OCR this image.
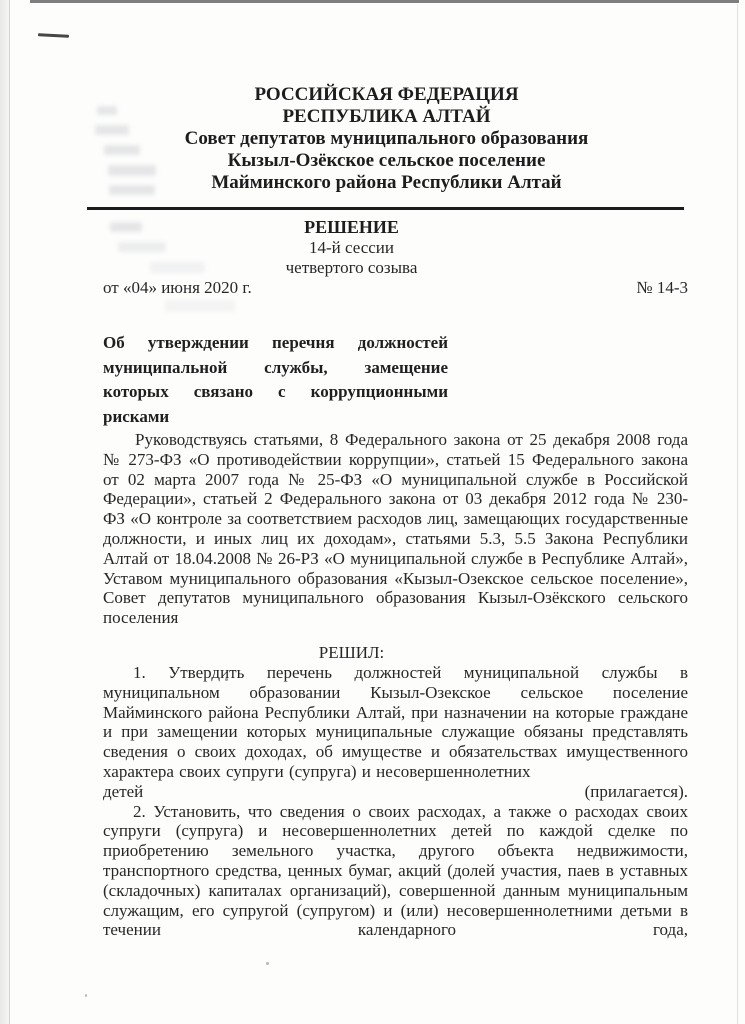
РОССИЙСКАЯ ФЕДЕРАЦИЯ
РЕСПУБЛИКА АЛТАЙ
Совет депутатов муниципального образования
Кызыл-Озёкское сельское поселение
Майминского района Республики Алтай
РЕШЕНИЕ
14-й сессии
четвертого созыва
от «04» июня 2020 г.	№ 14-3
Об утверждении перечня должностей муниципальной службы, замещение которых связано с коррупционными рисками

Руководствуясь статьями, 8 Федерального закона от 25 декабря 2008 года № 273-ФЗ «О противодействии коррупции», статьей 15 Федерального закона от 02 марта 2007 года № 25-ФЗ «О муниципальной службе в Российской Федерации», статьей 2 Федерального закона от 03 декабря 2012 года № 230-ФЗ «О контроле за соответствием расходов лиц, замещающих государственные должности, и иных лиц их доходам», статьями 5.3, 5.5 Закона Республики Алтай от 18.04.2008 № 26-РЗ «О муниципальной службе в Республике Алтай», Уставом муниципального образования «Кызыл-Озекское сельское поселение», Совет депутатов муниципального образования Кызыл-Озёкского сельского поселения

РЕШИЛ:

1. Утвердить перечень должностей муниципальной службы в муниципальном образовании Кызыл-Озекское сельское поселение Майминского района Республики Алтай, при назначении на которые граждане и при замещении которых муниципальные служащие обязаны представлять сведения о своих доходах, об имуществе и обязательствах имущественного характера своих супруги (супруга) и несовершеннолетних

детей	(прилагается).

2. Установить, что сведения о своих расходах, а также о расходах своих супруги (супруга) и несовершеннолетних детей по каждой сделке по приобретению земельного участка, другого объекта недвижимости, транспортного средства, ценных бумаг, акций (долей участия, паев в уставных (складочных) капиталах организаций), совершенной данным муниципальным служащим, его супругой (супругом) и (или) несовершеннолетними детьми в течении календарного года,
